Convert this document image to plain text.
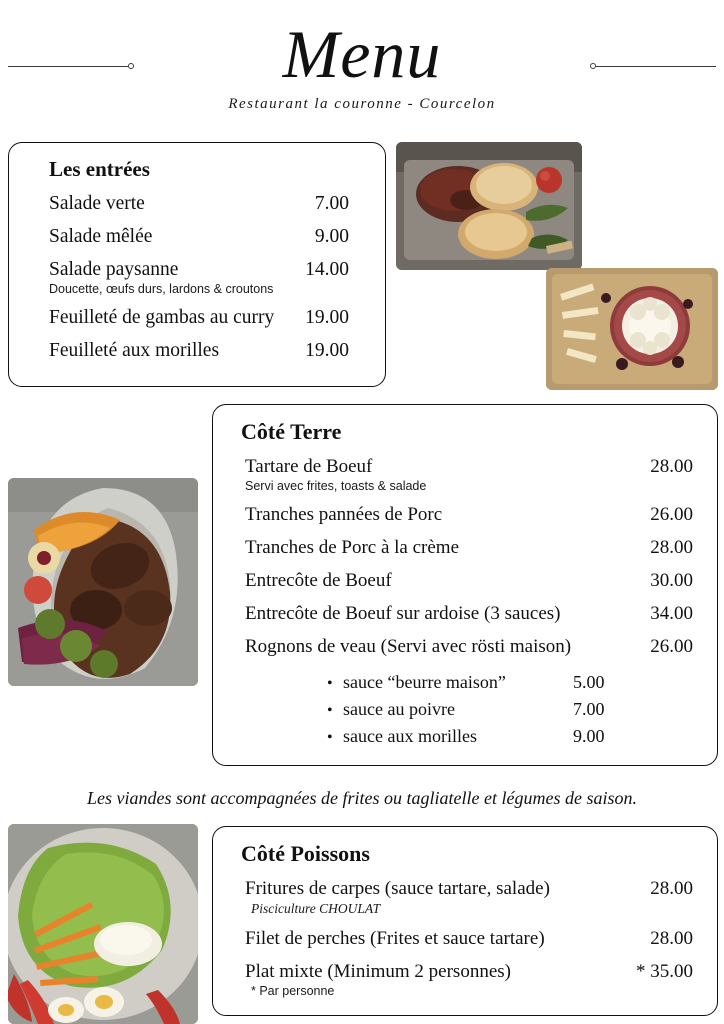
Menu
Restaurant la couronne - Courcelon
Les entrées
Salade verte	7.00
Salade mêlée	9.00
Salade paysanne	14.00
Doucette, œufs durs, lardons & croutons
Feuilleté de gambas au curry	19.00
Feuilleté aux morilles	19.00
Côté Terre
Tartare de Boeuf	28.00
Servi avec frites, toasts & salade
Tranches pannées de Porc	26.00
Tranches de Porc à la crème	28.00
Entrecôte de Boeuf	30.00
Entrecôte de Boeuf sur ardoise (3 sauces)	34.00
Rognons de veau (Servi avec rösti maison)	26.00
• sauce “beurre maison”	5.00
• sauce au poivre	7.00
• sauce aux morilles	9.00
Les viandes sont accompagnées de frites ou tagliatelle et légumes de saison.
Côté Poissons
Fritures de carpes (sauce tartare, salade)	28.00
Pisciculture CHOULAT
Filet de perches (Frites et sauce tartare)	28.00
Plat mixte (Minimum 2 personnes)	* 35.00
* Par personne
